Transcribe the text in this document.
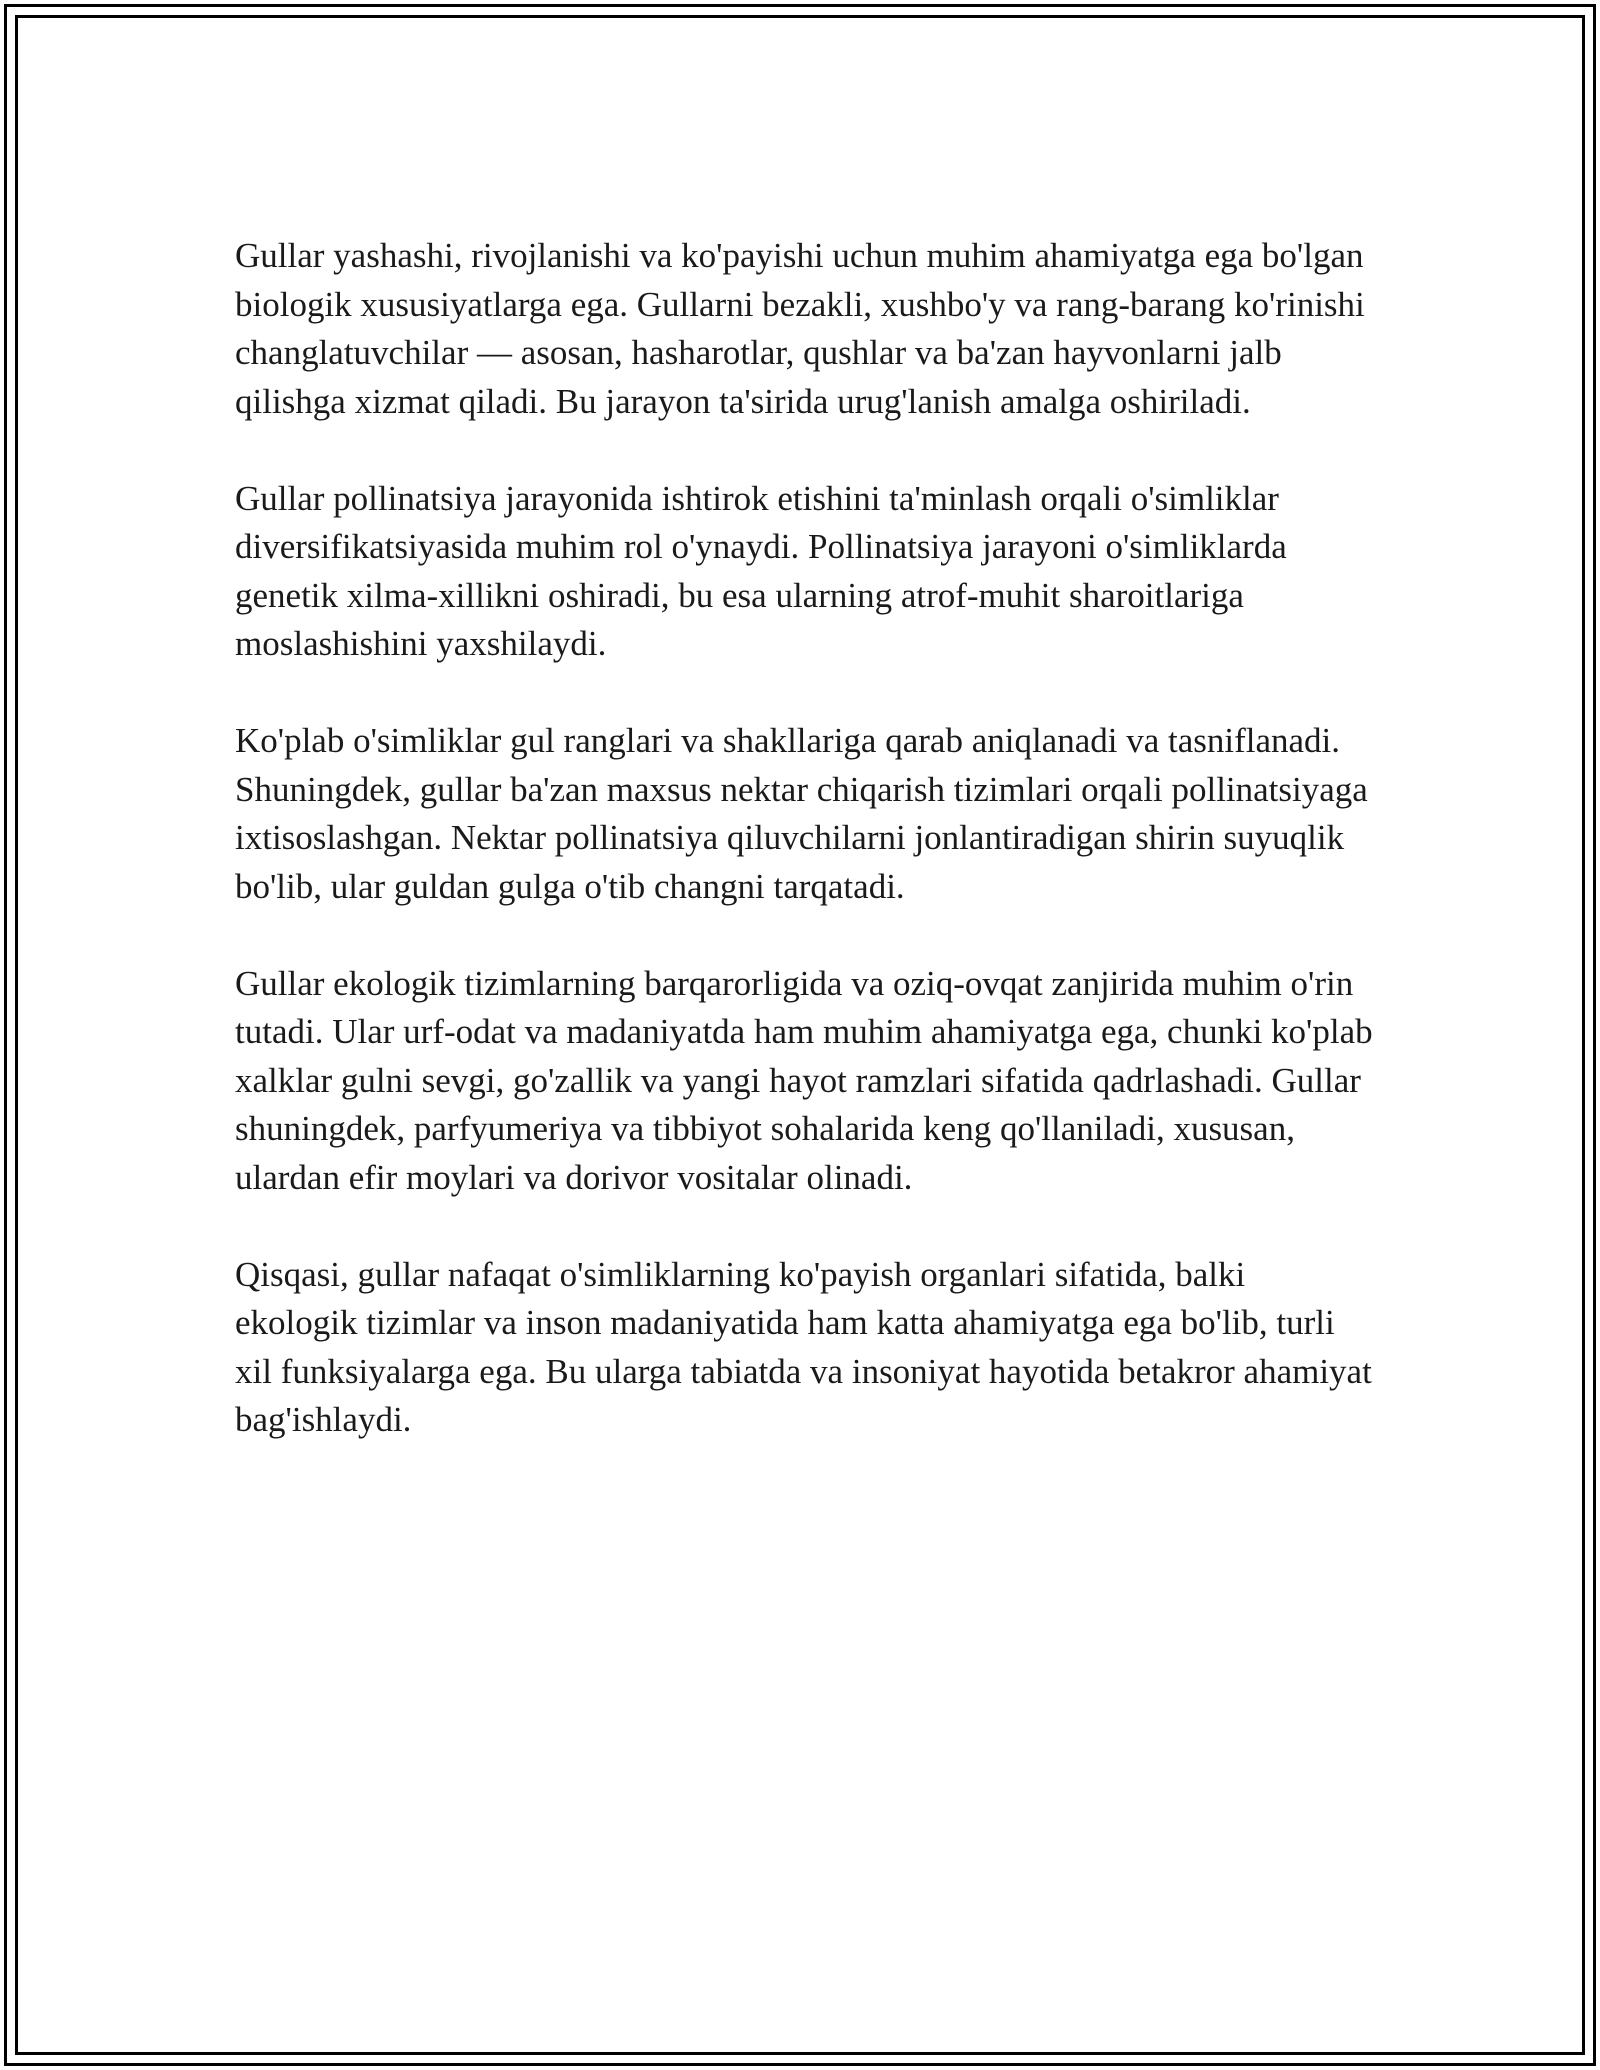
Gullar yashashi, rivojlanishi va ko'payishi uchun muhim ahamiyatga ega bo'lgan biologik xususiyatlarga ega. Gullarni bezakli, xushbo'y va rang-barang ko'rinishi changlatuvchilar — asosan, hasharotlar, qushlar va ba'zan hayvonlarni jalb qilishga xizmat qiladi. Bu jarayon ta'sirida urug'lanish amalga oshiriladi.

Gullar pollinatsiya jarayonida ishtirok etishini ta'minlash orqali o'simliklar diversifikatsiyasida muhim rol o'ynaydi. Pollinatsiya jarayoni o'simliklarda genetik xilma-xillikni oshiradi, bu esa ularning atrof-muhit sharoitlariga moslashishini yaxshilaydi.

Ko'plab o'simliklar gul ranglari va shakllariga qarab aniqlanadi va tasniflanadi. Shuningdek, gullar ba'zan maxsus nektar chiqarish tizimlari orqali pollinatsiyaga ixtisoslashgan. Nektar pollinatsiya qiluvchilarni jonlantiradigan shirin suyuqlik bo'lib, ular guldan gulga o'tib changni tarqatadi.

Gullar ekologik tizimlarning barqarorligida va oziq-ovqat zanjirida muhim o'rin tutadi. Ular urf-odat va madaniyatda ham muhim ahamiyatga ega, chunki ko'plab xalklar gulni sevgi, go'zallik va yangi hayot ramzlari sifatida qadrlashadi. Gullar shuningdek, parfyumeriya va tibbiyot sohalarida keng qo'llaniladi, xususan, ulardan efir moylari va dorivor vositalar olinadi.

Qisqasi, gullar nafaqat o'simliklarning ko'payish organlari sifatida, balki ekologik tizimlar va inson madaniyatida ham katta ahamiyatga ega bo'lib, turli xil funksiyalarga ega. Bu ularga tabiatda va insoniyat hayotida betakror ahamiyat bag'ishlaydi.
